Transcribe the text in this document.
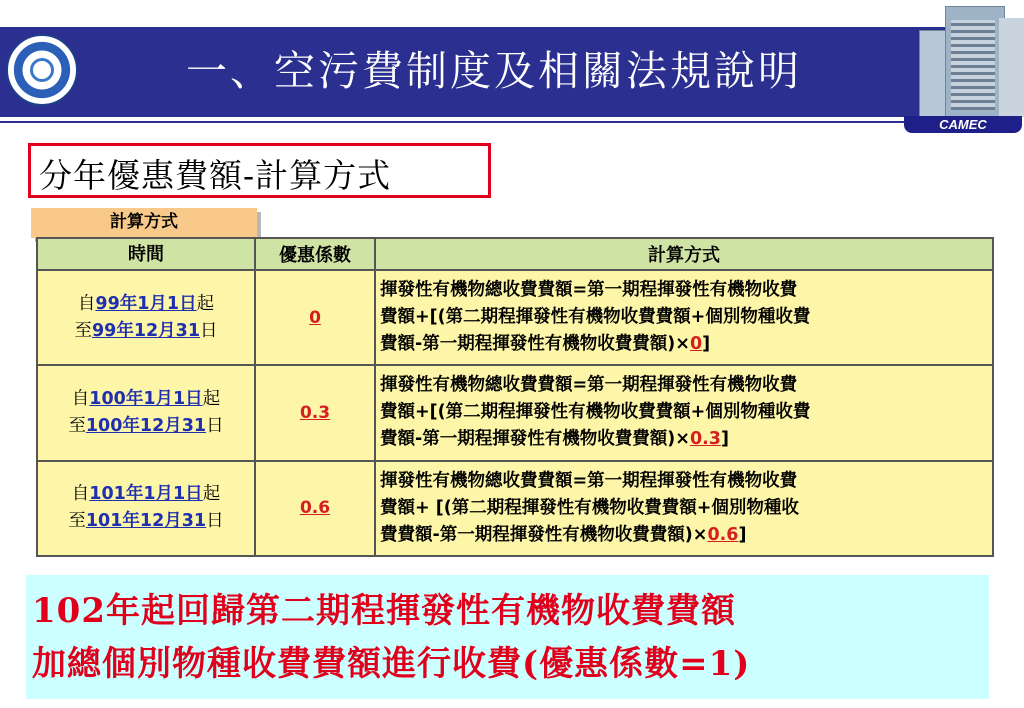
一、空污費制度及相關法規說明
CAMEC
分年優惠費額-計算方式
計算方式
時間	優惠係數	計算方式
自99年1月1日起
至99年12月31日	0	揮發性有機物總收費費額=第一期程揮發性有機物收費
費額+[(第二期程揮發性有機物收費費額+個別物種收費
費額-第一期程揮發性有機物收費費額)×0]
自100年1月1日起
至100年12月31日	0.3	揮發性有機物總收費費額=第一期程揮發性有機物收費
費額+[(第二期程揮發性有機物收費費額+個別物種收費
費額-第一期程揮發性有機物收費費額)×0.3]
自101年1月1日起
至101年12月31日	0.6	揮發性有機物總收費費額=第一期程揮發性有機物收費
費額+ [(第二期程揮發性有機物收費費額+個別物種收
費費額-第一期程揮發性有機物收費費額)×0.6]
102年起回歸第二期程揮發性有機物收費費額
加總個別物種收費費額進行收費(優惠係數=1)
